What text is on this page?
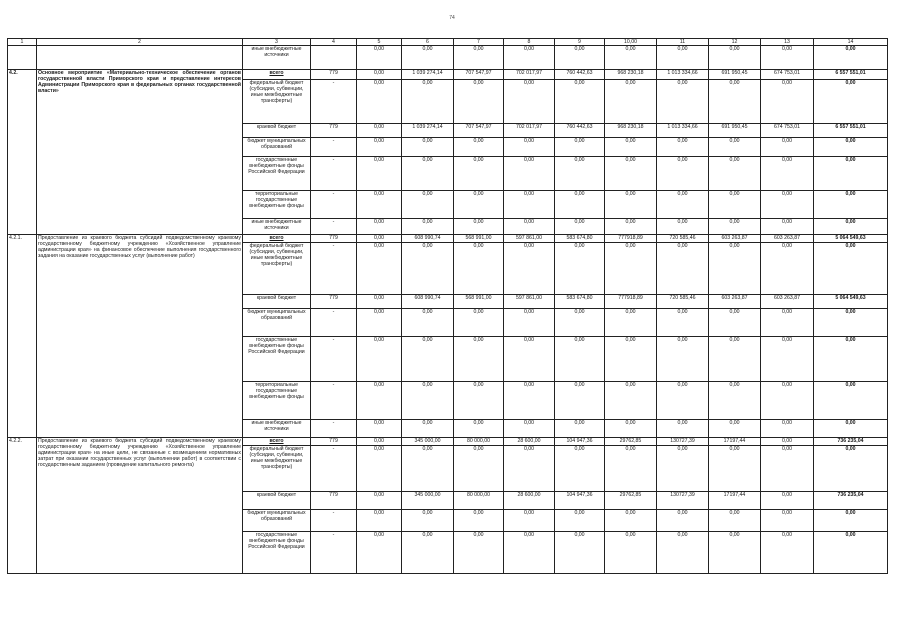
74
1	2	3	4	5	6	7	8	9	10,00	11	12	13	14
		иные внебюджетные источники		0,00	0,00	0,00	0,00	0,00	0,00	0,00	0,00	0,00	0,00
4.2.	Основное мероприятие «Материально-техническое обеспечение органов государственной власти Приморского края и представление интересов Администрации Приморского края в федеральных органах государственной власти»	всего	779	0,00	1 039 274,14	707 547,97	702 017,97	760 442,63	968 230,18	1 013 334,66	691 950,45	674 753,01	6 557 551,01
		федеральный бюджет (субсидии, субвенции, иные межбюджетные трансферты)	-	0,00	0,00	0,00	0,00	0,00	0,00	0,00	0,00	0,00	0,00
		краевой бюджет	779	0,00	1 039 274,14	707 547,97	702 017,97	760 442,63	968 230,18	1 013 334,66	691 950,45	674 753,01	6 557 551,01
		бюджет муниципальных образований	-	0,00	0,00	0,00	0,00	0,00	0,00	0,00	0,00	0,00	0,00
		государственные внебюджетные фонды Российской Федерации	-	0,00	0,00	0,00	0,00	0,00	0,00	0,00	0,00	0,00	0,00
		территориальные государственные внебюджетные фонды	-	0,00	0,00	0,00	0,00	0,00	0,00	0,00	0,00	0,00	0,00
		иные внебюджетные источники	-	0,00	0,00	0,00	0,00	0,00	0,00	0,00	0,00	0,00	0,00
4.2.1.	Предоставление из краевого бюджета субсидий подведомственному краевому государственному бюджетному учреждению «Хозяйственное управление администрации края» на финансовое обеспечение выполнения государственного задания на оказание государственных услуг (выполнение работ)	всего	779	0,00	608 990,74	568 991,00	597 861,00	583 674,80	777918,89	720 585,46	603 263,87	603 263,87	5 064 549,63
		федеральный бюджет (субсидии, субвенции, иные межбюджетные трансферты)	-	0,00	0,00	0,00	0,00	0,00	0,00	0,00	0,00	0,00	0,00
		краевой бюджет	779	0,00	608 990,74	568 991,00	597 861,00	583 674,80	777918,89	720 585,46	603 263,87	603 263,87	5 064 549,63
		бюджет муниципальных образований	-	0,00	0,00	0,00	0,00	0,00	0,00	0,00	0,00	0,00	0,00
		государственные внебюджетные фонды Российской Федерации	-	0,00	0,00	0,00	0,00	0,00	0,00	0,00	0,00	0,00	0,00
		территориальные государственные внебюджетные фонды	-	0,00	0,00	0,00	0,00	0,00	0,00	0,00	0,00	0,00	0,00
		иные внебюджетные источники	-	0,00	0,00	0,00	0,00	0,00	0,00	0,00	0,00	0,00	0,00
4.2.2.	Предоставление из краевого бюджета субсидий подведомственному краевому государственному бюджетному учреждению «Хозяйственное управление администрации края» на иные цели, не связанные с возмещением нормативных затрат при оказании государственных услуг (выполнении работ) в соответствии с государственным заданием (проведение капитального ремонта)	всего	779	0,00	345 000,00	80 000,00	28 600,00	104 947,36	29762,85	130727,39	17197,44	0,00	736 235,04
		федеральный бюджет (субсидии, субвенции, иные межбюджетные трансферты)	-	0,00	0,00	0,00	0,00	0,00	0,00	0,00	0,00	0,00	0,00
		краевой бюджет	779	0,00	345 000,00	80 000,00	28 600,00	104 947,36	29762,85	130727,39	17197,44	0,00	736 235,04
		бюджет муниципальных образований	-	0,00	0,00	0,00	0,00	0,00	0,00	0,00	0,00	0,00	0,00
		государственные внебюджетные фонды Российской Федерации	-	0,00	0,00	0,00	0,00	0,00	0,00	0,00	0,00	0,00	0,00
